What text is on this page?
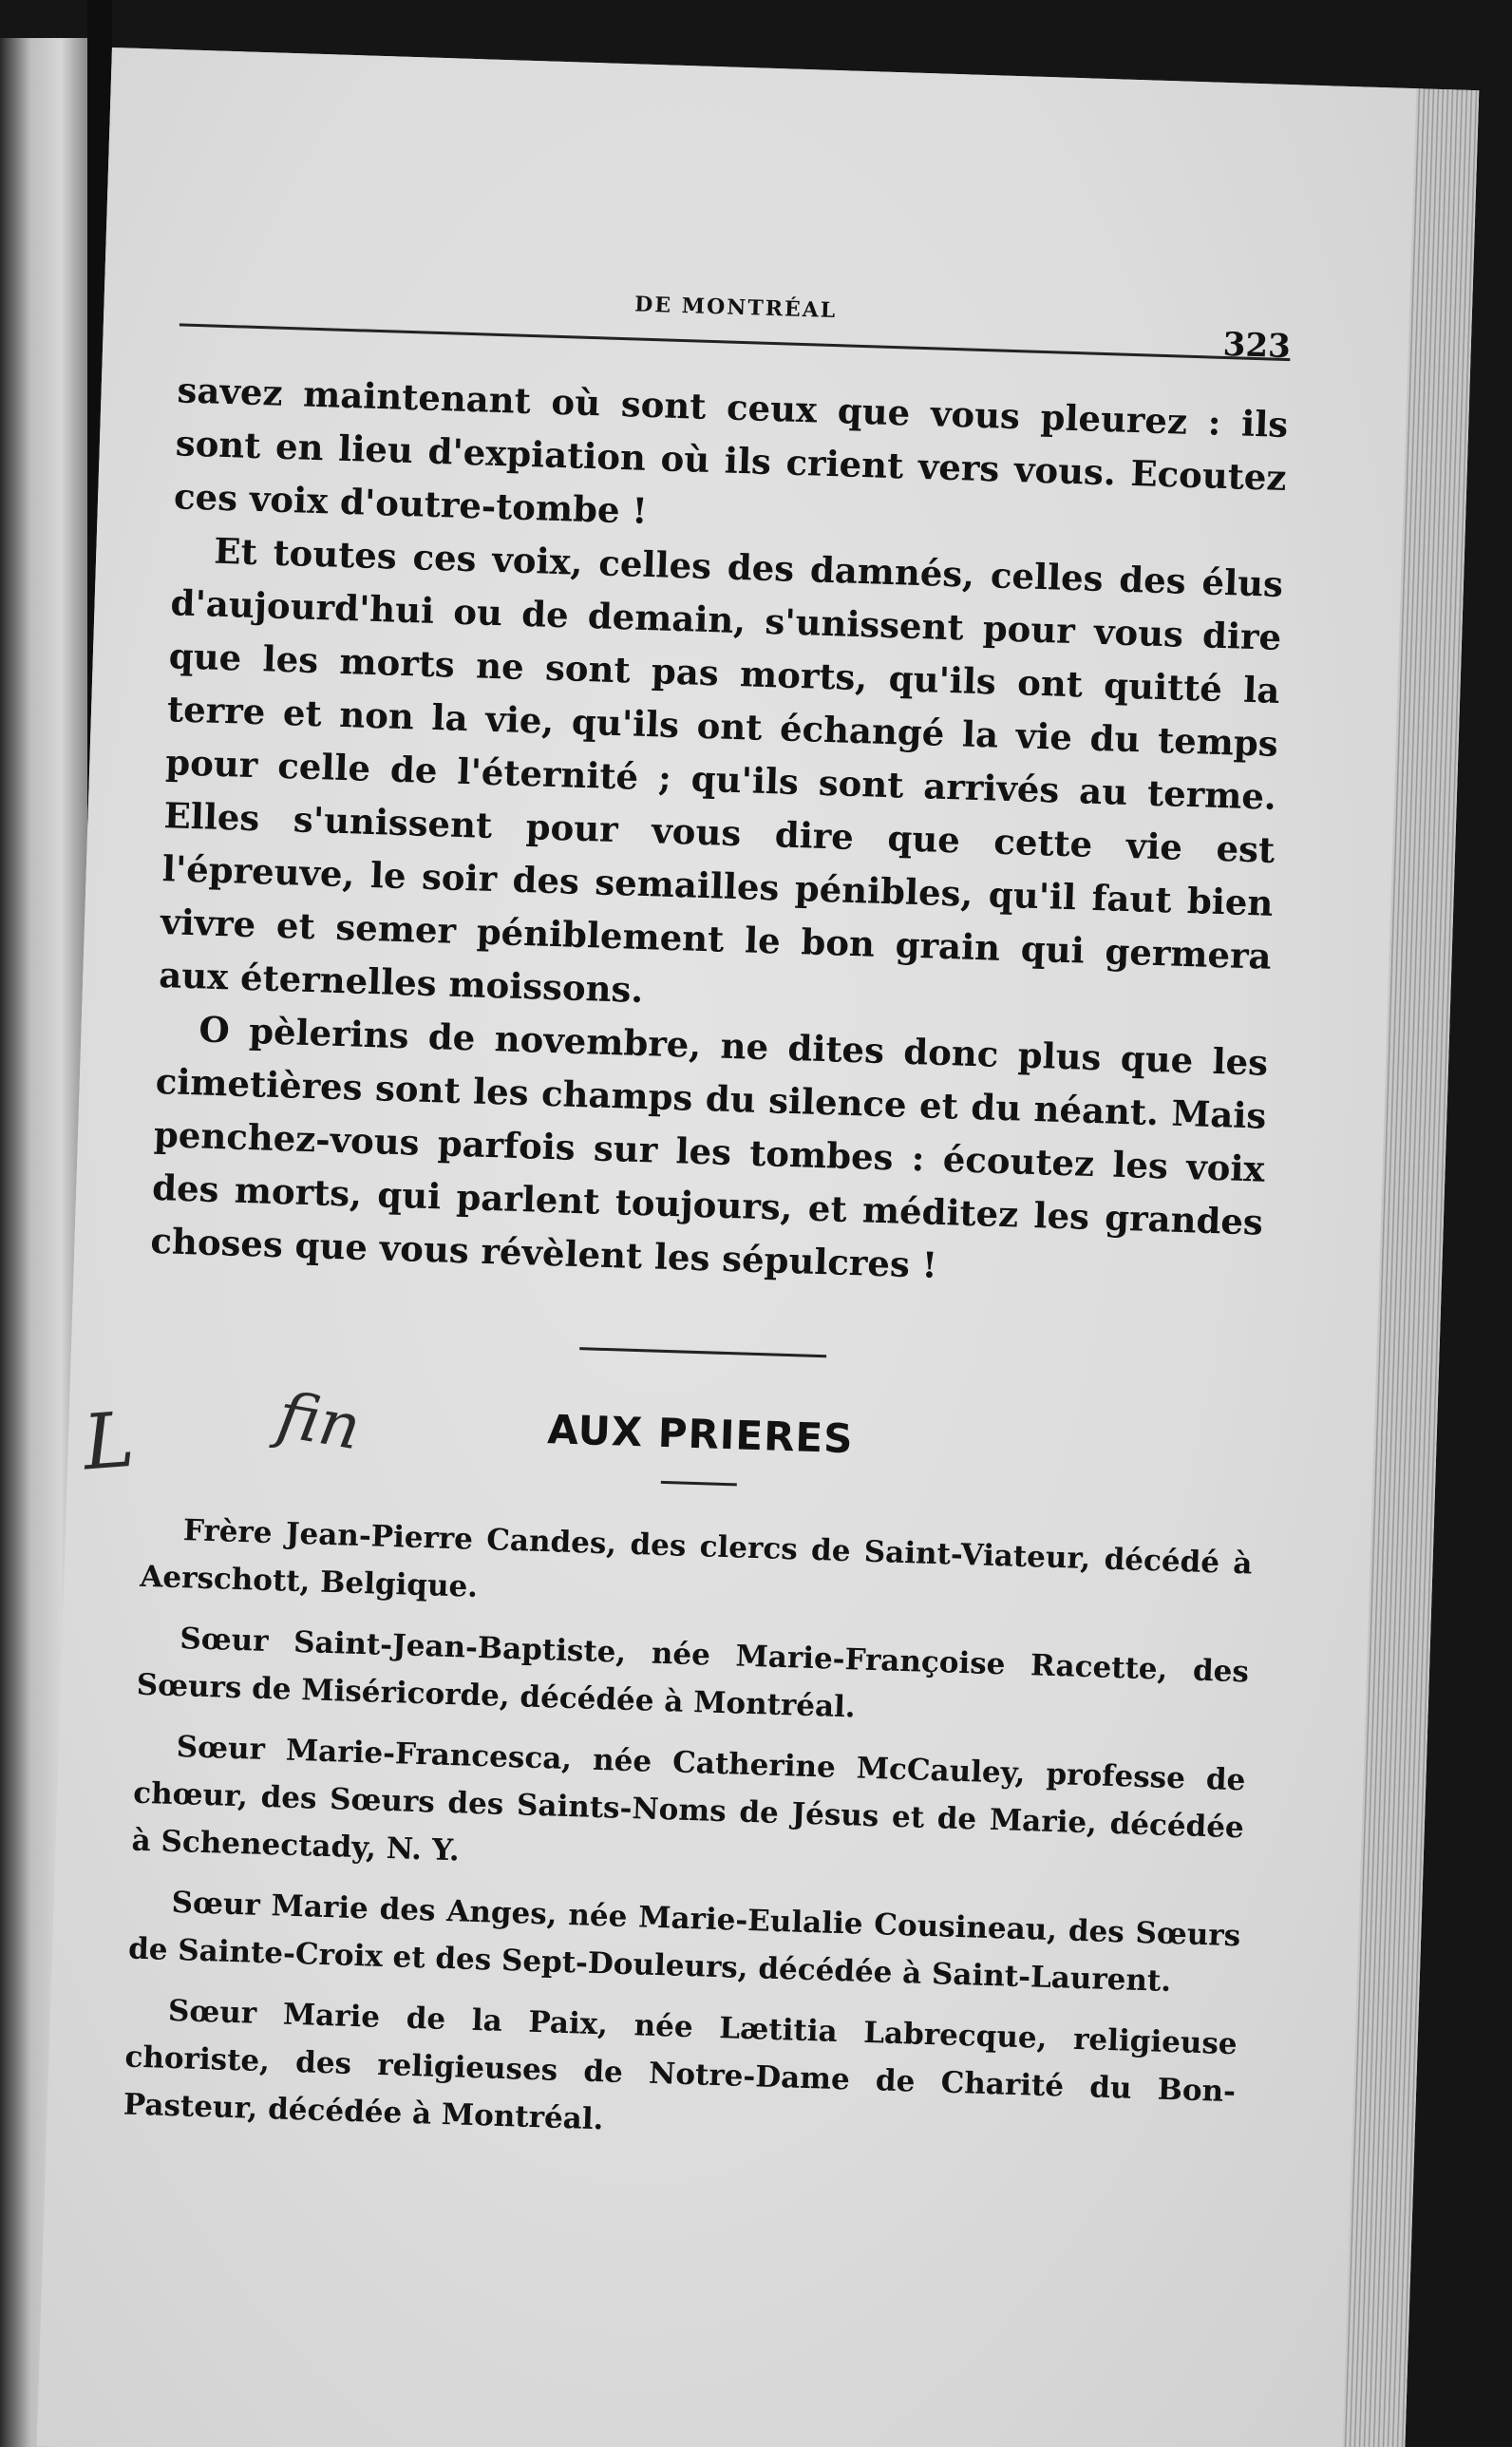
DE MONTRÉAL
323

savez maintenant où sont ceux que vous pleurez : ils sont en lieu d'expiation où ils crient vers vous. Ecoutez ces voix d'outre-tombe !

Et toutes ces voix, celles des damnés, celles des élus d'aujourd'hui ou de demain, s'unissent pour vous dire que les morts ne sont pas morts, qu'ils ont quitté la terre et non la vie, qu'ils ont échangé la vie du temps pour celle de l'éternité ; qu'ils sont arrivés au terme. Elles s'unissent pour vous dire que cette vie est l'épreuve, le soir des semailles pénibles, qu'il faut bien vivre et semer péniblement le bon grain qui germera aux éternelles moissons.

O pèlerins de novembre, ne dites donc plus que les cimetières sont les champs du silence et du néant. Mais penchez-vous parfois sur les tombes : écoutez les voix des morts, qui parlent toujours, et méditez les grandes choses que vous révèlent les sépulcres !

L fin	AUX PRIERES

Frère Jean-Pierre Candes, des clercs de Saint-Viateur, décédé à Aerschott, Belgique.

Sœur Saint-Jean-Baptiste, née Marie-Françoise Racette, des Sœurs de Miséricorde, décédée à Montréal.

Sœur Marie-Francesca, née Catherine McCauley, professe de chœur, des Sœurs des Saints-Noms de Jésus et de Marie, décédée à Schenectady, N. Y.

Sœur Marie des Anges, née Marie-Eulalie Cousineau, des Sœurs de Sainte-Croix et des Sept-Douleurs, décédée à Saint-Laurent.

Sœur Marie de la Paix, née Lætitia Labrecque, religieuse choriste, des religieuses de Notre-Dame de Charité du Bon-Pasteur, décédée à Montréal.
